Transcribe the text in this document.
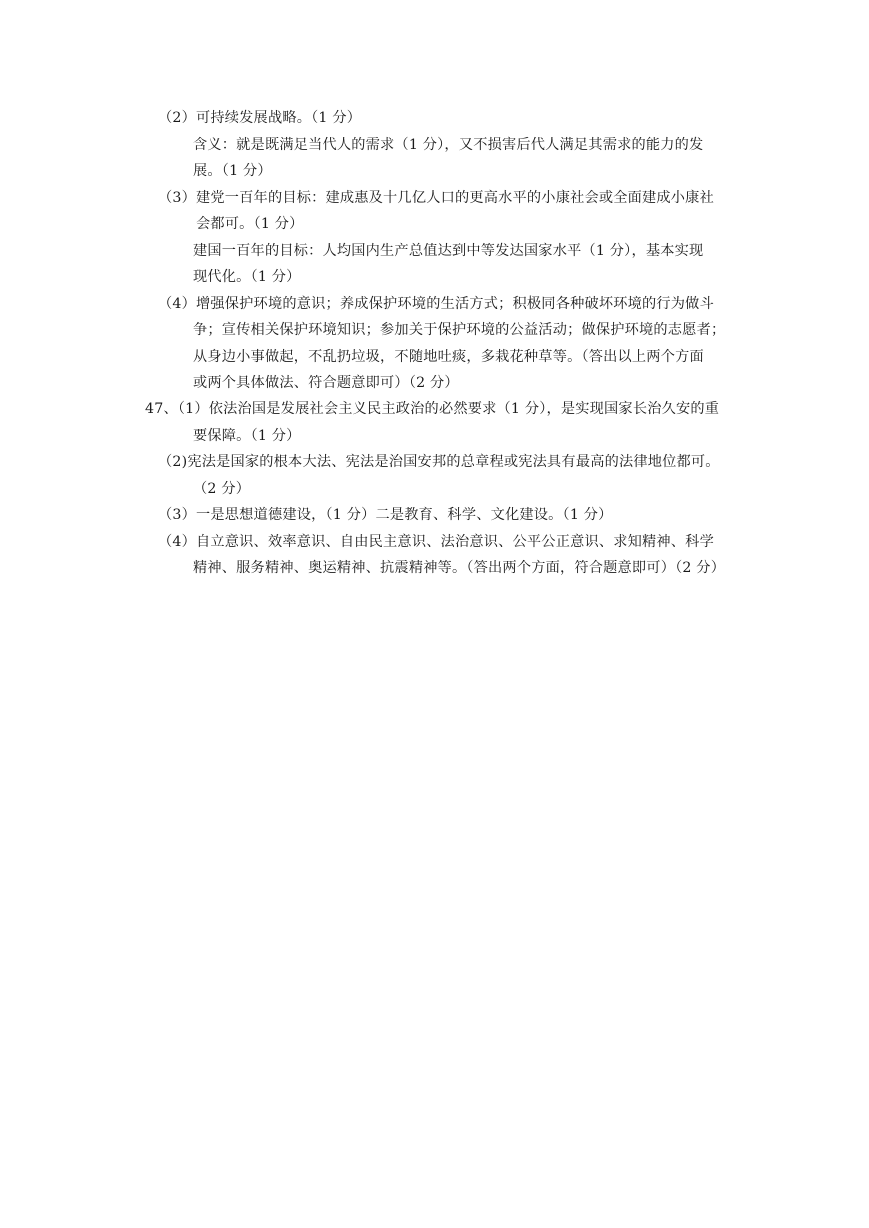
（2）可持续发展战略。（1 分）
含义：就是既满足当代人的需求（1 分），又不损害后代人满足其需求的能力的发
展。（1 分）
（3）建党一百年的目标：建成惠及十几亿人口的更高水平的小康社会或全面建成小康社
会都可。（1 分）
建国一百年的目标：人均国内生产总值达到中等发达国家水平（1 分），基本实现
现代化。（1 分）
（4）增强保护环境的意识；养成保护环境的生活方式；积极同各种破坏环境的行为做斗
争；宣传相关保护环境知识；参加关于保护环境的公益活动；做保护环境的志愿者；
从身边小事做起，不乱扔垃圾，不随地吐痰，多栽花种草等。（答出以上两个方面
或两个具体做法、符合题意即可）（2 分）
47、（1）依法治国是发展社会主义民主政治的必然要求（1 分），是实现国家长治久安的重
要保障。（1 分）
（2)宪法是国家的根本大法、宪法是治国安邦的总章程或宪法具有最高的法律地位都可。
（2 分）
（3）一是思想道德建设，（1 分）二是教育、科学、文化建设。（1 分）
（4）自立意识、效率意识、自由民主意识、法治意识、公平公正意识、求知精神、科学
精神、服务精神、奥运精神、抗震精神等。（答出两个方面，符合题意即可）（2 分）
